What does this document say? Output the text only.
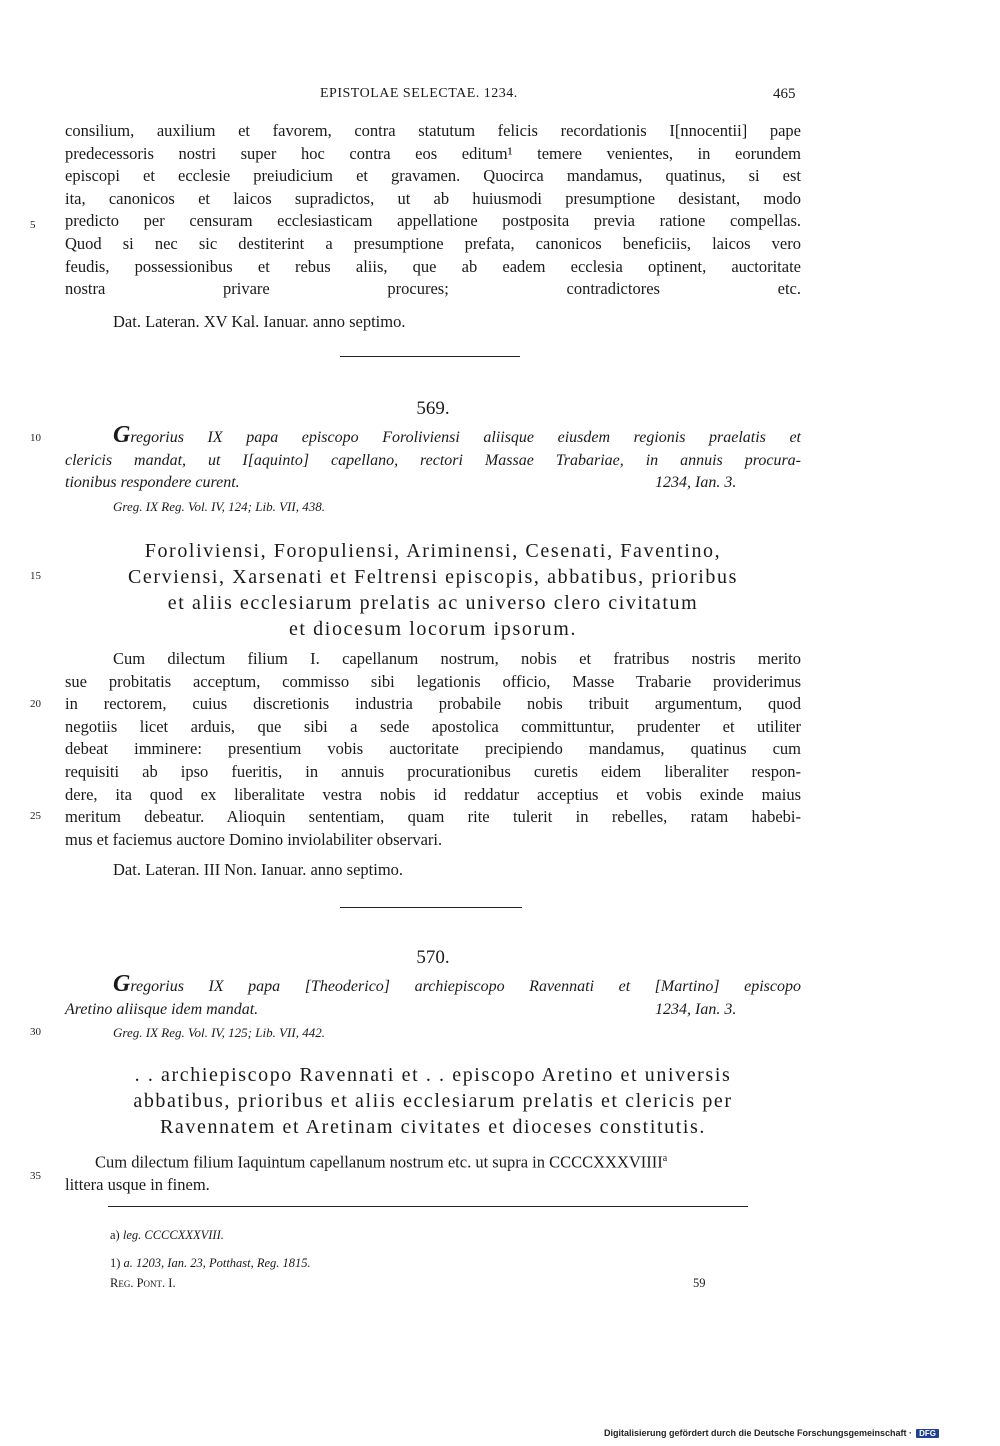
EPISTOLAE SELECTAE. 1234.	465
consilium, auxilium et favorem, contra statutum felicis recordationis I[nnocentii] pape
predecessoris nostri super hoc contra eos editum¹ temere venientes, in eorundem
episcopi et ecclesie preiudicium et gravamen. Quocirca mandamus, quatinus, si est
ita, canonicos et laicos supradictos, ut ab huiusmodi presumptione desistant, modo
predicto per censuram ecclesiasticam appellatione postposita previa ratione compellas.
Quod si nec sic destiterint a presumptione prefata, canonicos beneficiis, laicos vero
feudis, possessionibus et rebus aliis, que ab eadem ecclesia optinent, auctoritate
nostra privare procures; contradictores etc.
Dat. Lateran. XV Kal. Ianuar. anno septimo.
5
10
15
20
25
30
35
569.
Gregorius IX papa episcopo Foroliviensi aliisque eiusdem regionis praelatis et
clericis mandat, ut I[aquinto] capellano, rectori Massae Trabariae, in annuis procura-
tionibus respondere curent.	1234, Ian. 3.
Greg. IX Reg. Vol. IV, 124; Lib. VII, 438.
Foroliviensi, Foropuliensi, Ariminensi, Cesenati, Faventino,
Cerviensi, Xarsenati et Feltrensi episcopis, abbatibus, prioribus
et aliis ecclesiarum prelatis ac universo clero civitatum
et diocesum locorum ipsorum.
Cum dilectum filium I. capellanum nostrum, nobis et fratribus nostris merito
sue probitatis acceptum, commisso sibi legationis officio, Masse Trabarie providerimus
in rectorem, cuius discretionis industria probabile nobis tribuit argumentum, quod
negotiis licet arduis, que sibi a sede apostolica committuntur, prudenter et utiliter
debeat imminere: presentium vobis auctoritate precipiendo mandamus, quatinus cum
requisiti ab ipso fueritis, in annuis procurationibus curetis eidem liberaliter respon-
dere, ita quod ex liberalitate vestra nobis id reddatur acceptius et vobis exinde maius
meritum debeatur. Alioquin sententiam, quam rite tulerit in rebelles, ratam habebi-
mus et faciemus auctore Domino inviolabiliter observari.
Dat. Lateran. III Non. Ianuar. anno septimo.
570.
Gregorius IX papa [Theoderico] archiepiscopo Ravennati et [Martino] episcopo
Aretino aliisque idem mandat.	1234, Ian. 3.
Greg. IX Reg. Vol. IV, 125; Lib. VII, 442.
. . archiepiscopo Ravennati et . . episcopo Aretino et universis
abbatibus, prioribus et aliis ecclesiarum prelatis et clericis per
Ravennatem et Aretinam civitates et dioceses constitutis.
Cum dilectum filium Iaquintum capellanum nostrum etc. ut supra in CCCCXXXVIIII$^a$
littera usque in finem.
a) leg. CCCCXXXVIII.
1) a. 1203, Ian. 23, Potthast, Reg. 1815.
Reg. Pont. I.	59
Digitalisierung gefördert durch die Deutsche Forschungsgemeinschaft · DFG
